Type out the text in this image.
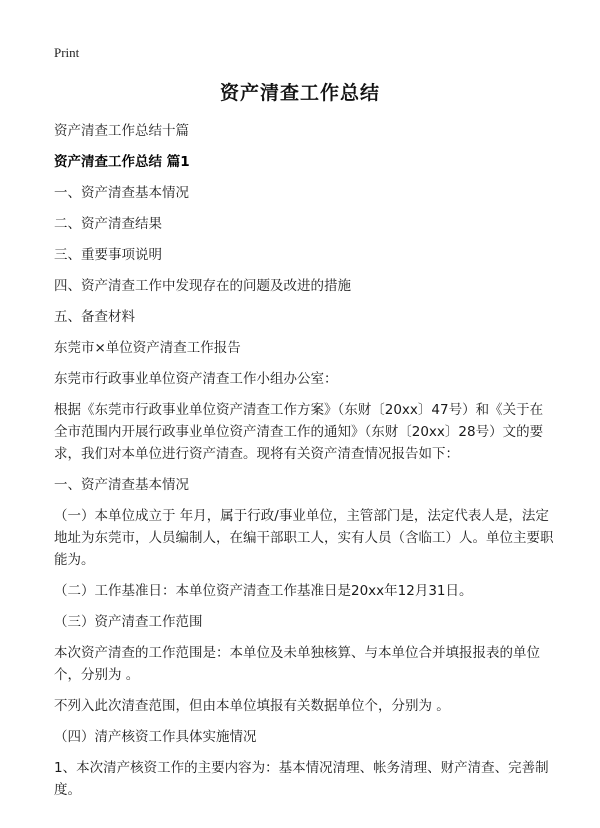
Print
资产清查工作总结

资产清查工作总结十篇

资产清查工作总结 篇1

一、资产清查基本情况

二、资产清查结果

三、重要事项说明

四、资产清查工作中发现存在的问题及改进的措施

五、备查材料

东莞市×单位资产清查工作报告

东莞市行政事业单位资产清查工作小组办公室：

根据《东莞市行政事业单位资产清查工作方案》（东财〔20xx〕47号）和《关于在全市范围内开展行政事业单位资产清查工作的通知》（东财〔20xx〕28号）文的要求，我们对本单位进行资产清查。现将有关资产清查情况报告如下：

一、资产清查基本情况

（一）本单位成立于 年月，属于行政/事业单位，主管部门是，法定代表人是，法定地址为东莞市，人员编制人，在编干部职工人，实有人员（含临工）人。单位主要职能为。

（二）工作基准日：本单位资产清查工作基准日是20xx年12月31日。

（三）资产清查工作范围

本次资产清查的工作范围是：本单位及未单独核算、与本单位合并填报报表的单位个，分别为 。

不列入此次清查范围，但由本单位填报有关数据单位个，分别为 。

（四）清产核资工作具体实施情况

1、本次清产核资工作的主要内容为：基本情况清理、帐务清理、财产清查、完善制度。
